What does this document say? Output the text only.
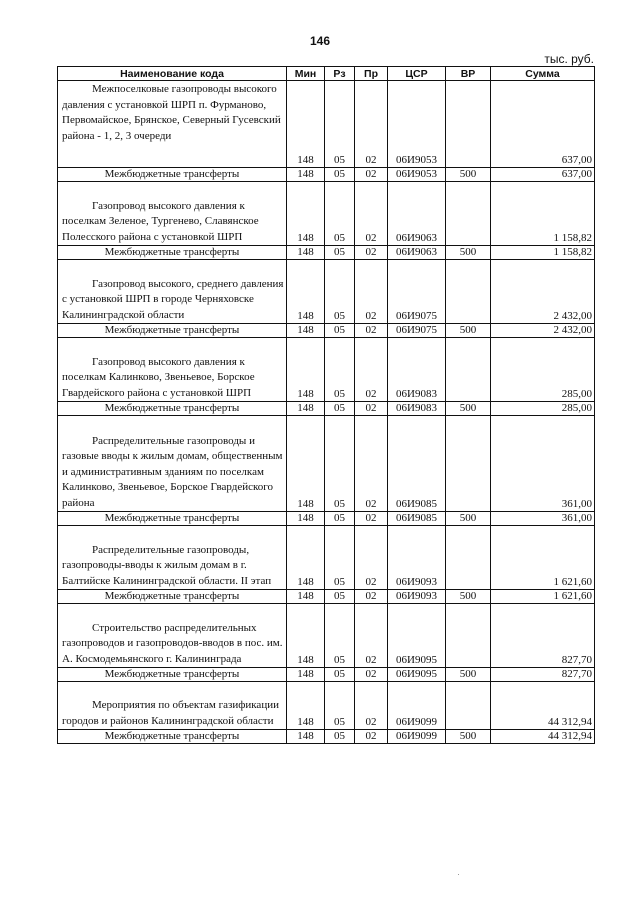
146
тыс. руб.
Наименование кода	Мин	Рз	Пр	ЦСР	ВР	Сумма

Межпоселковые газопроводы высокого давления с установкой ШРП п. Фурманово, Первомайское, Брянское, Северный Гусевский района - 1, 2, 3 очереди	148	05	02	06И9053		637,00
Межбюджетные трансферты	148	05	02	06И9053	500	637,00

Газопровод высокого давления к поселкам Зеленое, Тургенево, Славянское Полесского района с установкой ШРП	148	05	02	06И9063		1 158,82
Межбюджетные трансферты	148	05	02	06И9063	500	1 158,82

Газопровод высокого, среднего давления с установкой ШРП в городе Черняховске Калининградской области	148	05	02	06И9075		2 432,00
Межбюджетные трансферты	148	05	02	06И9075	500	2 432,00

Газопровод высокого давления к поселкам Калинково, Звеньевое, Борское Гвардейского района с установкой ШРП	148	05	02	06И9083		285,00
Межбюджетные трансферты	148	05	02	06И9083	500	285,00

Распределительные газопроводы и газовые вводы к жилым домам, общественным и административным зданиям по поселкам Калинково, Звеньевое, Борское Гвардейского района	148	05	02	06И9085		361,00
Межбюджетные трансферты	148	05	02	06И9085	500	361,00

Распределительные газопроводы, газопроводы-вводы к жилым домам в г. Балтийске Калининградской области. II этап	148	05	02	06И9093		1 621,60
Межбюджетные трансферты	148	05	02	06И9093	500	1 621,60

Строительство распределительных газопроводов и газопроводов-вводов в пос. им. А. Космодемьянского г. Калининграда	148	05	02	06И9095		827,70
Межбюджетные трансферты	148	05	02	06И9095	500	827,70

Мероприятия по объектам газификации городов и районов Калининградской области	148	05	02	06И9099		44 312,94
Межбюджетные трансферты	148	05	02	06И9099	500	44 312,94
